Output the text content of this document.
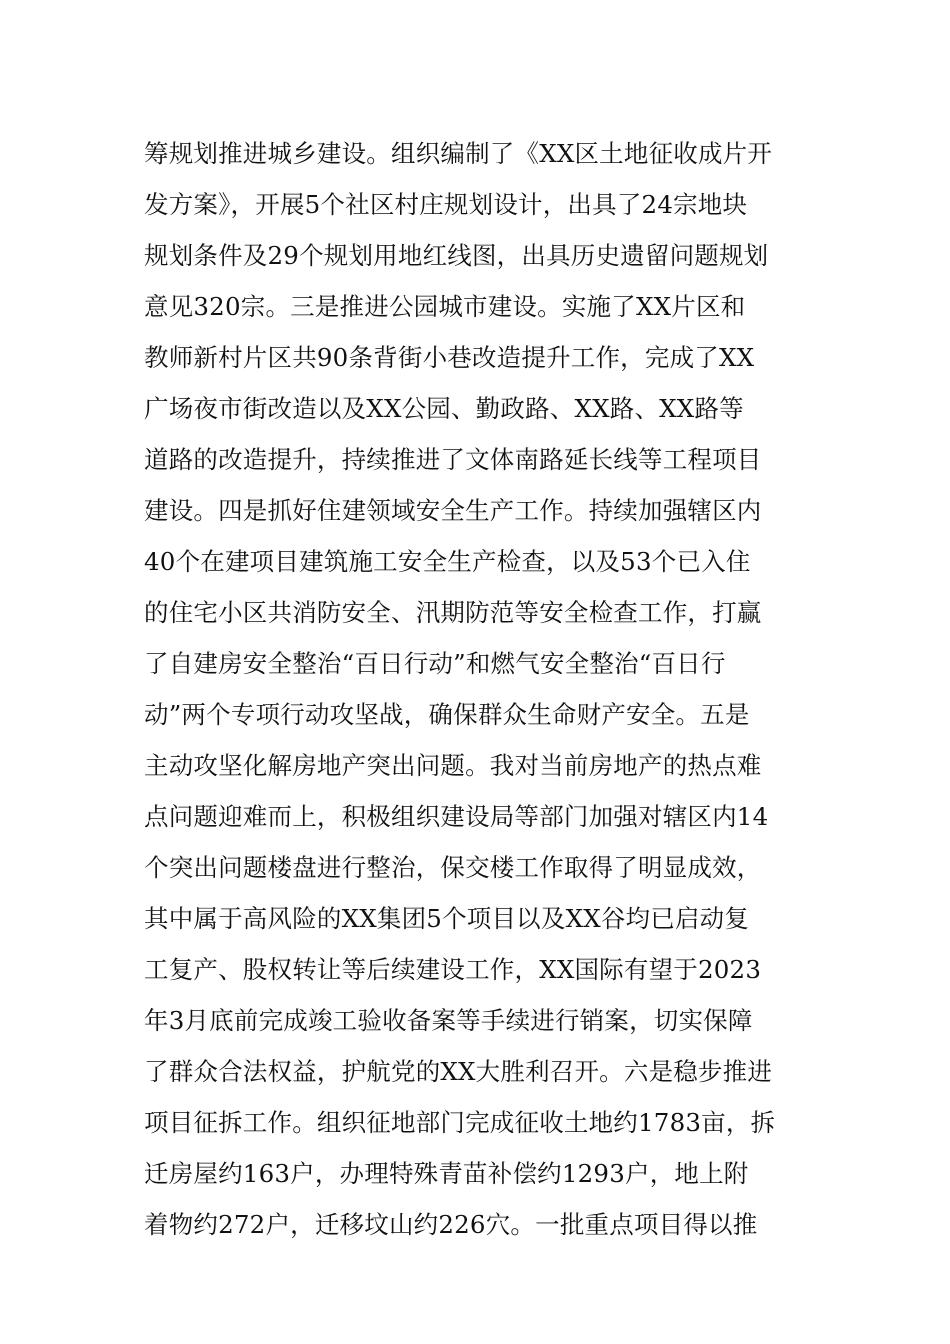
筹规划推进城乡建设。组织编制了《XX区土地征收成片开
发方案》，开展5个社区村庄规划设计，出具了24宗地块
规划条件及29个规划用地红线图，出具历史遗留问题规划
意见320宗。三是推进公园城市建设。实施了XX片区和
教师新村片区共90条背街小巷改造提升工作，完成了XX
广场夜市街改造以及XX公园、勤政路、XX路、XX路等
道路的改造提升，持续推进了文体南路延长线等工程项目
建设。四是抓好住建领域安全生产工作。持续加强辖区内
40个在建项目建筑施工安全生产检查，以及53个已入住
的住宅小区共消防安全、汛期防范等安全检查工作，打赢
了自建房安全整治“百日行动”和燃气安全整治“百日行
动”两个专项行动攻坚战，确保群众生命财产安全。五是
主动攻坚化解房地产突出问题。我对当前房地产的热点难
点问题迎难而上，积极组织建设局等部门加强对辖区内14
个突出问题楼盘进行整治，保交楼工作取得了明显成效，
其中属于高风险的XX集团5个项目以及XX谷均已启动复
工复产、股权转让等后续建设工作，XX国际有望于2023
年3月底前完成竣工验收备案等手续进行销案，切实保障
了群众合法权益，护航党的XX大胜利召开。六是稳步推进
项目征拆工作。组织征地部门完成征收土地约1783亩，拆
迁房屋约163户，办理特殊青苗补偿约1293户，地上附
着物约272户，迁移坟山约226穴。一批重点项目得以推
